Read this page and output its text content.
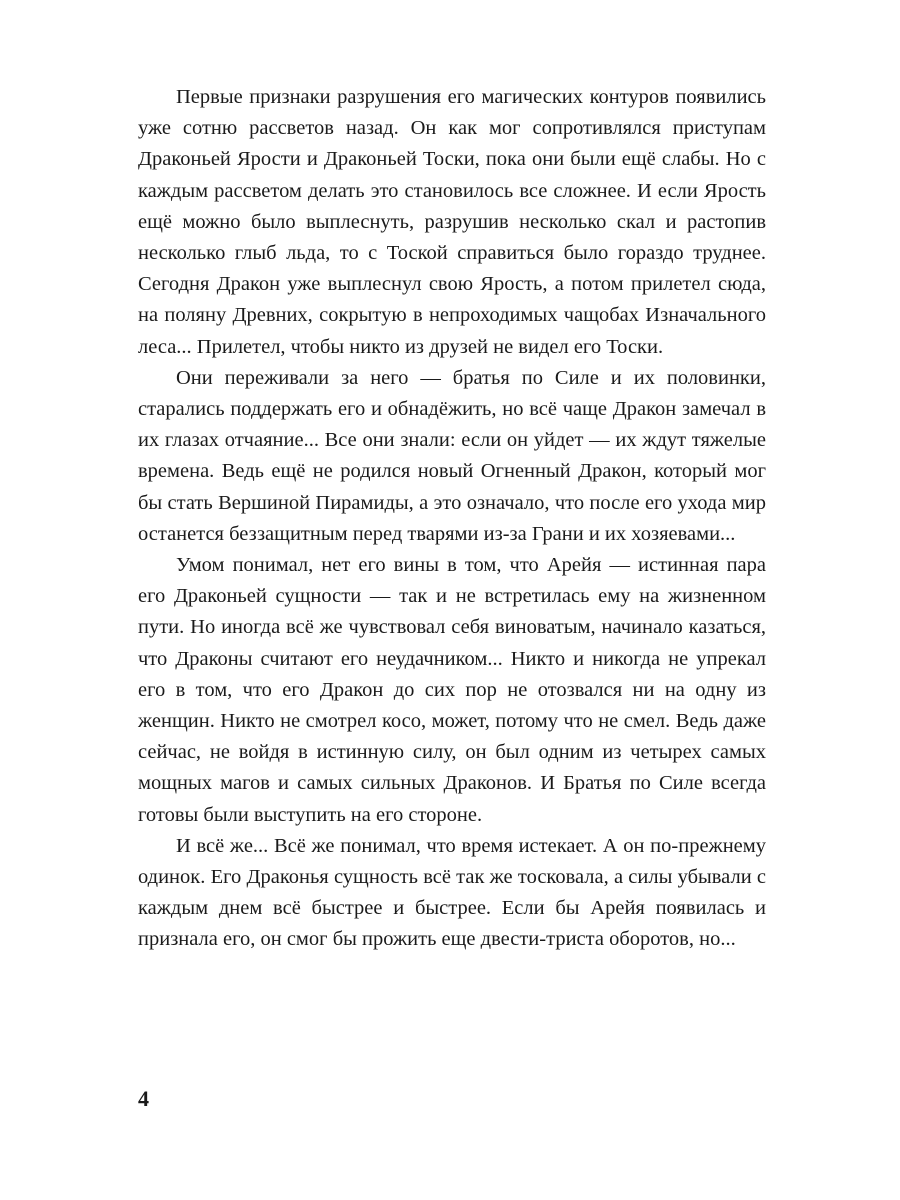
Первые признаки разрушения его магических контуров появились уже сотню рассветов назад. Он как мог сопротивлялся приступам Драконьей Ярости и Драконьей Тоски, пока они были ещё слабы. Но с каждым рассветом делать это становилось все сложнее. И если Ярость ещё можно было выплеснуть, разрушив несколько скал и растопив несколько глыб льда, то с Тоской справиться было гораздо труднее. Сегодня Дракон уже выплеснул свою Ярость, а потом прилетел сюда, на поляну Древних, сокрытую в непроходимых чащобах Изначального леса... Прилетел, чтобы никто из друзей не видел его Тоски.

Они переживали за него — братья по Силе и их половинки, старались поддержать его и обнадёжить, но всё чаще Дракон замечал в их глазах отчаяние... Все они знали: если он уйдет — их ждут тяжелые времена. Ведь ещё не родился новый Огненный Дракон, который мог бы стать Вершиной Пирамиды, а это означало, что после его ухода мир останется беззащитным перед тварями из-за Грани и их хозяевами...

Умом понимал, нет его вины в том, что Арейя — истинная пара его Драконьей сущности — так и не встретилась ему на жизненном пути. Но иногда всё же чувствовал себя виноватым, начинало казаться, что Драконы считают его неудачником... Никто и никогда не упрекал его в том, что его Дракон до сих пор не отозвался ни на одну из женщин. Никто не смотрел косо, может, потому что не смел. Ведь даже сейчас, не войдя в истинную силу, он был одним из четырех самых мощных магов и самых сильных Драконов. И Братья по Силе всегда готовы были выступить на его стороне.

И всё же... Всё же понимал, что время истекает. А он по-прежнему одинок. Его Драконья сущность всё так же тосковала, а силы убывали с каждым днем всё быстрее и быстрее. Если бы Арейя появилась и признала его, он смог бы прожить еще двести-триста оборотов, но...

4
